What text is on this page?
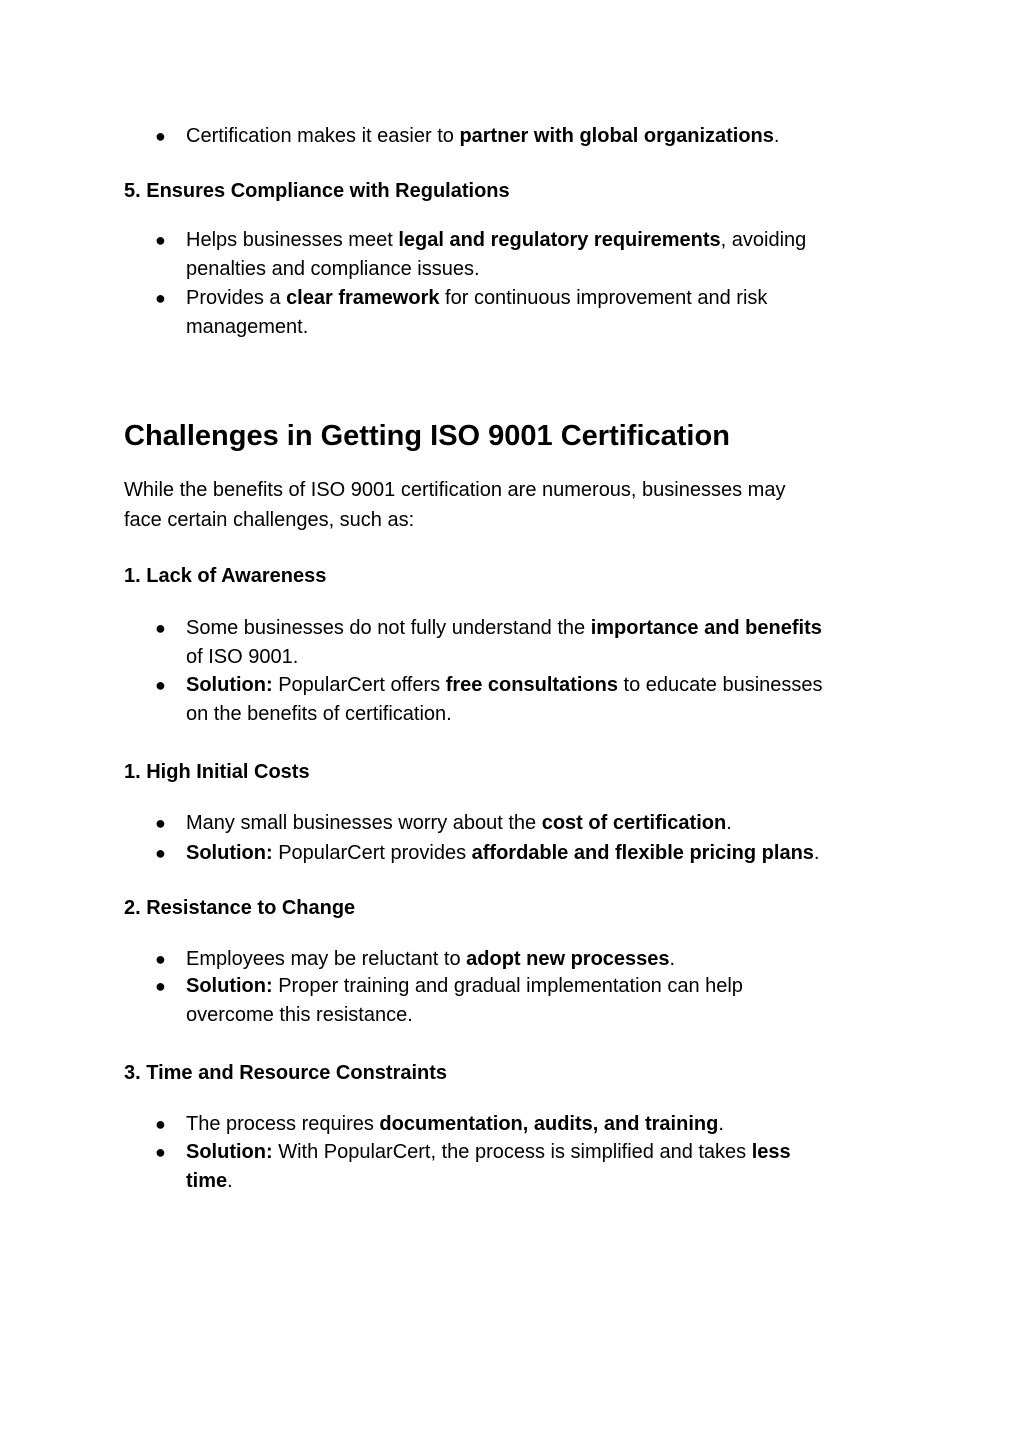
● Certification makes it easier to partner with global organizations.

5. Ensures Compliance with Regulations

● Helps businesses meet legal and regulatory requirements, avoiding
penalties and compliance issues.

● Provides a clear framework for continuous improvement and risk
management.

Challenges in Getting ISO 9001 Certification

While the benefits of ISO 9001 certification are numerous, businesses may
face certain challenges, such as:

1. Lack of Awareness

● Some businesses do not fully understand the importance and benefits
of ISO 9001.

● Solution: PopularCert offers free consultations to educate businesses
on the benefits of certification.

1. High Initial Costs

● Many small businesses worry about the cost of certification.

● Solution: PopularCert provides affordable and flexible pricing plans.

2. Resistance to Change

● Employees may be reluctant to adopt new processes.

● Solution: Proper training and gradual implementation can help
overcome this resistance.

3. Time and Resource Constraints

● The process requires documentation, audits, and training.

● Solution: With PopularCert, the process is simplified and takes less
time.
